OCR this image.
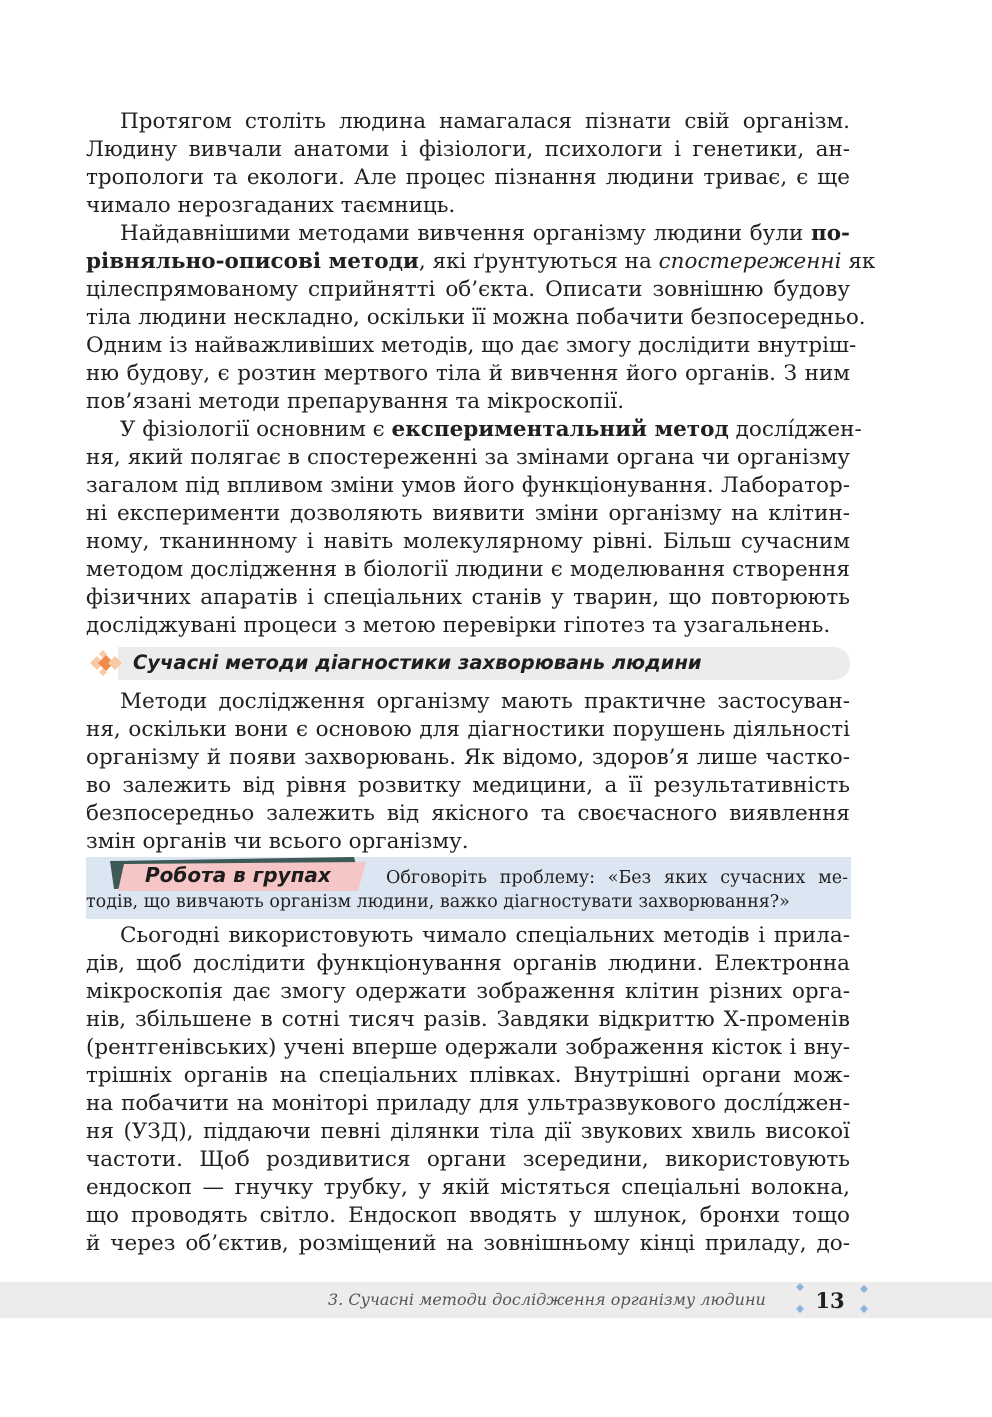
Протягом століть людина намагалася пізнати свій організм.
Людину вивчали анатоми і фізіологи, психологи і генетики, ан-
тропологи та екологи. Але процес пізнання людини триває, є ще
чимало нерозгаданих таємниць.
Найдавнішими методами вивчення організму людини були по-
рівняльно-описові методи, які ґрунтуються на спостереженні як
цілеспрямованому сприйнятті об’єкта. Описати зовнішню будову
тіла людини нескладно, оскільки її можна побачити безпосередньо.
Одним із найважливіших методів, що дає змогу дослідити внутріш-
ню будову, є розтин мертвого тіла й вивчення його органів. З ним
пов’язані методи препарування та мікроскопії.
У фізіології основним є експериментальний метод дослíджен-
ня, який полягає в спостереженні за змінами органа чи організму
загалом під впливом зміни умов його функціонування. Лаборатор-
ні експерименти дозволяють виявити зміни організму на клітин-
ному, тканинному і навіть молекулярному рівні. Більш сучасним
методом дослідження в біології людини є моделювання створення
фізичних апаратів і спеціальних станів у тварин, що повторюють
досліджувані процеси з метою перевірки гіпотез та узагальнень.
Сучасні методи діагностики захворювань людини
Методи дослідження організму мають практичне застосуван-
ня, оскільки вони є основою для діагностики порушень діяльності
організму й появи захворювань. Як відомо, здоров’я лише частко-
во залежить від рівня розвитку медицини, а її результативність
безпосередньо залежить від якісного та своєчасного виявлення
змін органів чи всього організму.
Робота в групах	Обговоріть проблему: «Без яких сучасних ме-
тодів, що вивчають організм людини, важко діагностувати захворювання?»
Сьогодні використовують чимало спеціальних методів і прила-
дів, щоб дослідити функціонування органів людини. Електронна
мікроскопія дає змогу одержати зображення клітин різних орга-
нів, збільшене в сотні тисяч разів. Завдяки відкриттю Х-променів
(рентгенівських) учені вперше одержали зображення кісток і вну-
трішніх органів на спеціальних плівках. Внутрішні органи мож-
на побачити на моніторі приладу для ультразвукового дослíджен-
ня (УЗД), піддаючи певні ділянки тіла дії звукових хвиль високої
частоти. Щоб роздивитися органи зсередини, використовують
ендоскоп — гнучку трубку, у якій містяться спеціальні волокна,
що проводять світло. Ендоскоп вводять у шлунок, бронхи тощо
й через об’єктив, розміщений на зовнішньому кінці приладу, до-
3. Сучасні методи дослідження організму людини	13
